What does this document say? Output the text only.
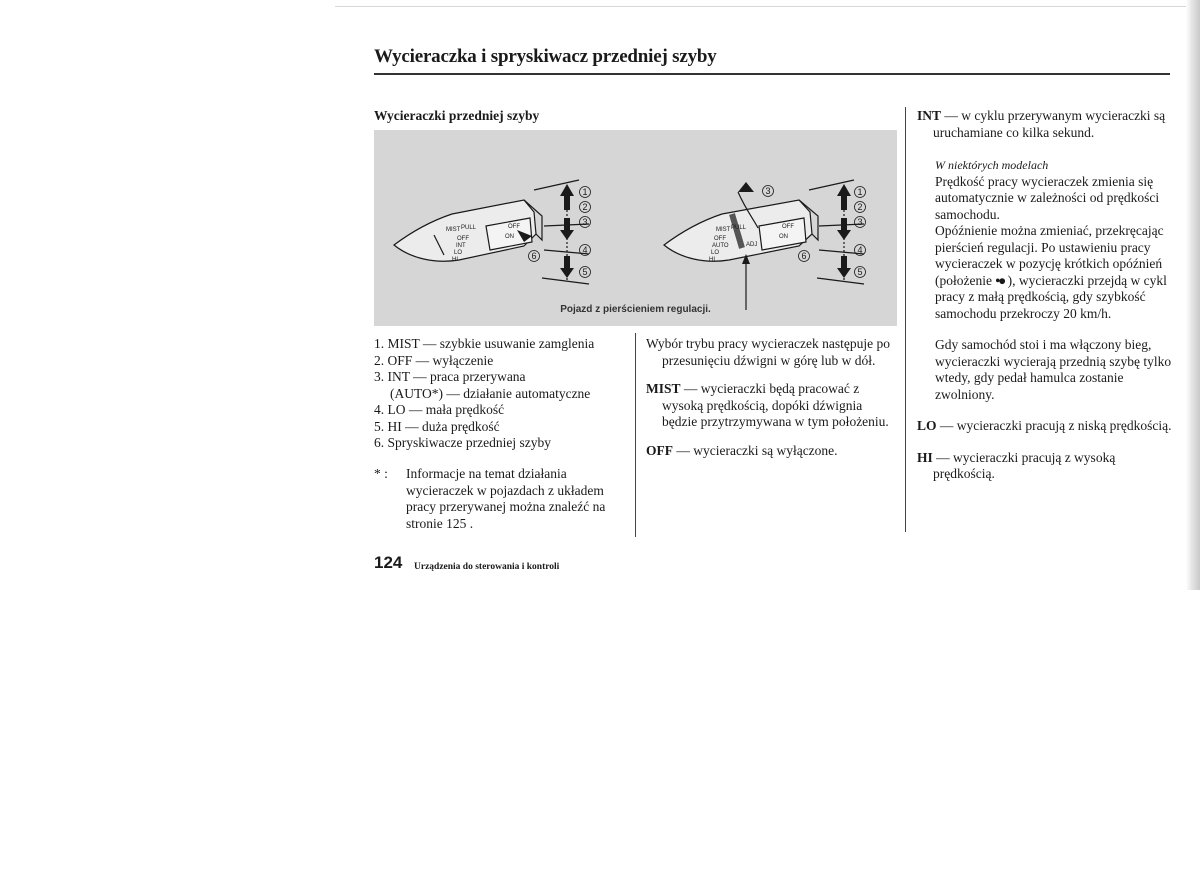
Wycieraczka i spryskiwacz przedniej szyby
Wycieraczki przedniej szyby
MIST PULL
OFF
INT
LO
HI
OFF
ON
MIST PULL
OFF
AUTO
LO
HI
ADJ
OFF
ON
1
2
3
4
5
6
1
2
3
4
5
6
3
Pojazd z pierścieniem regulacji.
1. MIST — szybkie usuwanie zamglenia
2. OFF — wyłączenie
3. INT — praca przerywana
(AUTO*) — działanie automatyczne
4. LO — mała prędkość
5. HI — duża prędkość
6. Spryskiwacze przedniej szyby
* :	Informacje na temat działania wycieraczek w pojazdach z układem pracy przerywanej można znaleźć na stronie 125 .

Wybór trybu pracy wycieraczek następuje po przesunięciu dźwigni w górę lub w dół.

MIST — wycieraczki będą pracować z wysoką prędkością, dopóki dźwignia będzie przytrzymywana w tym położeniu.

OFF — wycieraczki są wyłączone.

INT — w cyklu przerywanym wycieraczki są uruchamiane co kilka sekund.

W niektórych modelach

Prędkość pracy wycieraczek zmienia się automatycznie w zależności od prędkości samochodu.

Opóźnienie można zmieniać, przekręcając pierścień regulacji. Po ustawieniu pracy wycieraczek w pozycję krótkich opóźnień (położenie •● ), wycieraczki przejdą w cykl pracy z małą prędkością, gdy szybkość samochodu przekroczy 20 km/h.

Gdy samochód stoi i ma włączony bieg, wycieraczki wycierają przednią szybę tylko wtedy, gdy pedał hamulca zostanie zwolniony.

LO — wycieraczki pracują z niską prędkością.

HI — wycieraczki pracują z wysoką prędkością.

124 Urządzenia do sterowania i kontroli
